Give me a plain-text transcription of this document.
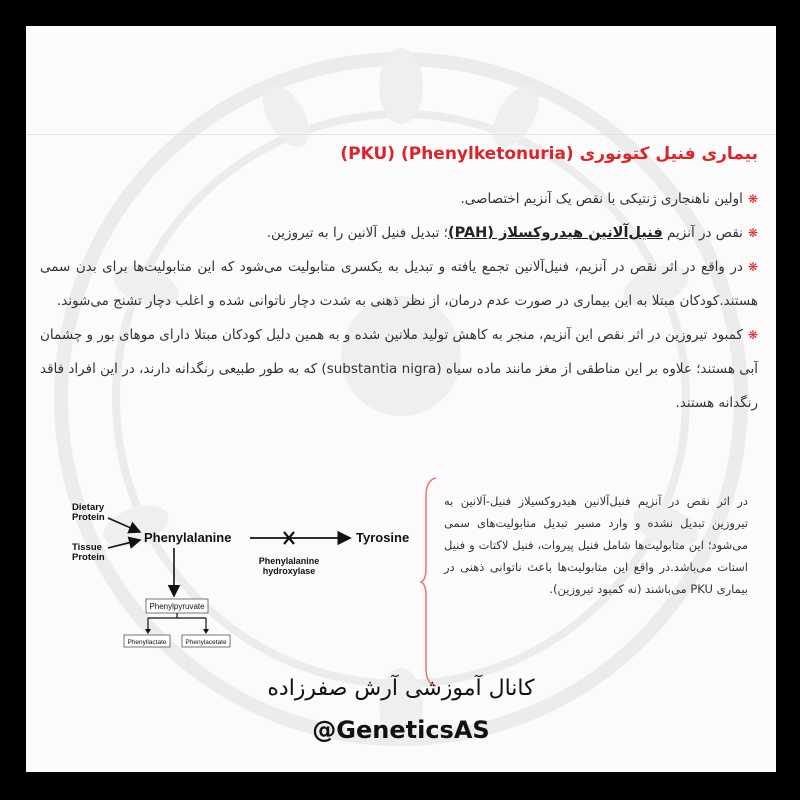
بیماری فنیل کتونوری (Phenylketonuria) (PKU)

❋اولین ناهنجاری ژنتیکی با نقص یک آنزیم اختصاصی.

❋نقص در آنزیم فنیل‌آلانین هیدروکسلاز (PAH)؛ تبدیل فنیل آلانین را به تیروزین.

❋در واقع در اثر نقص در آنزیم، فنیل‌آلانین تجمع یافته و تبدیل به یکسری متابولیت می‌شود که این متابولیت‌ها برای بدن سمی هستند.کودکان مبتلا به این بیماری در صورت عدم درمان، از نظر ذهنی به شدت دچار ناتوانی شده و اغلب دچار تشنج می‌شوند.

❋کمبود تیروزین در اثر نقص این آنزیم، منجر به کاهش تولید ملانین شده و به همین دلیل کودکان مبتلا دارای موهای بور و چشمان آبی هستند؛ علاوه بر این مناطقی از مغز مانند ماده سیاه (substantia nigra) که به طور طبیعی رنگدانه دارند، در این افراد فاقد رنگدانه هستند.

Dietary Protein
Tissue Protein
Phenylalanine	Tyrosine
Phenylalanine hydroxylase
Phenylpyruvate
Phenyllactate	Phenylacetate
در اثر نقص در آنزیم فنیل‌آلانین هیدروکسیلاز فنیل‌-آلانین به تیروزین تبدیل نشده و وارد مسیر تبدیل متابولیت‌های سمی می‌شود؛ این متابولیت‌ها شامل فنیل پیروات، فنیل لاکتات و فنیل استات می‌باشد.در واقع این متابولیت‌ها باعث ناتوانی ذهنی در بیماری PKU می‌باشند (نه کمبود تیروزین).
کانال آموزشی آرش صفرزاده
@GeneticsAS
